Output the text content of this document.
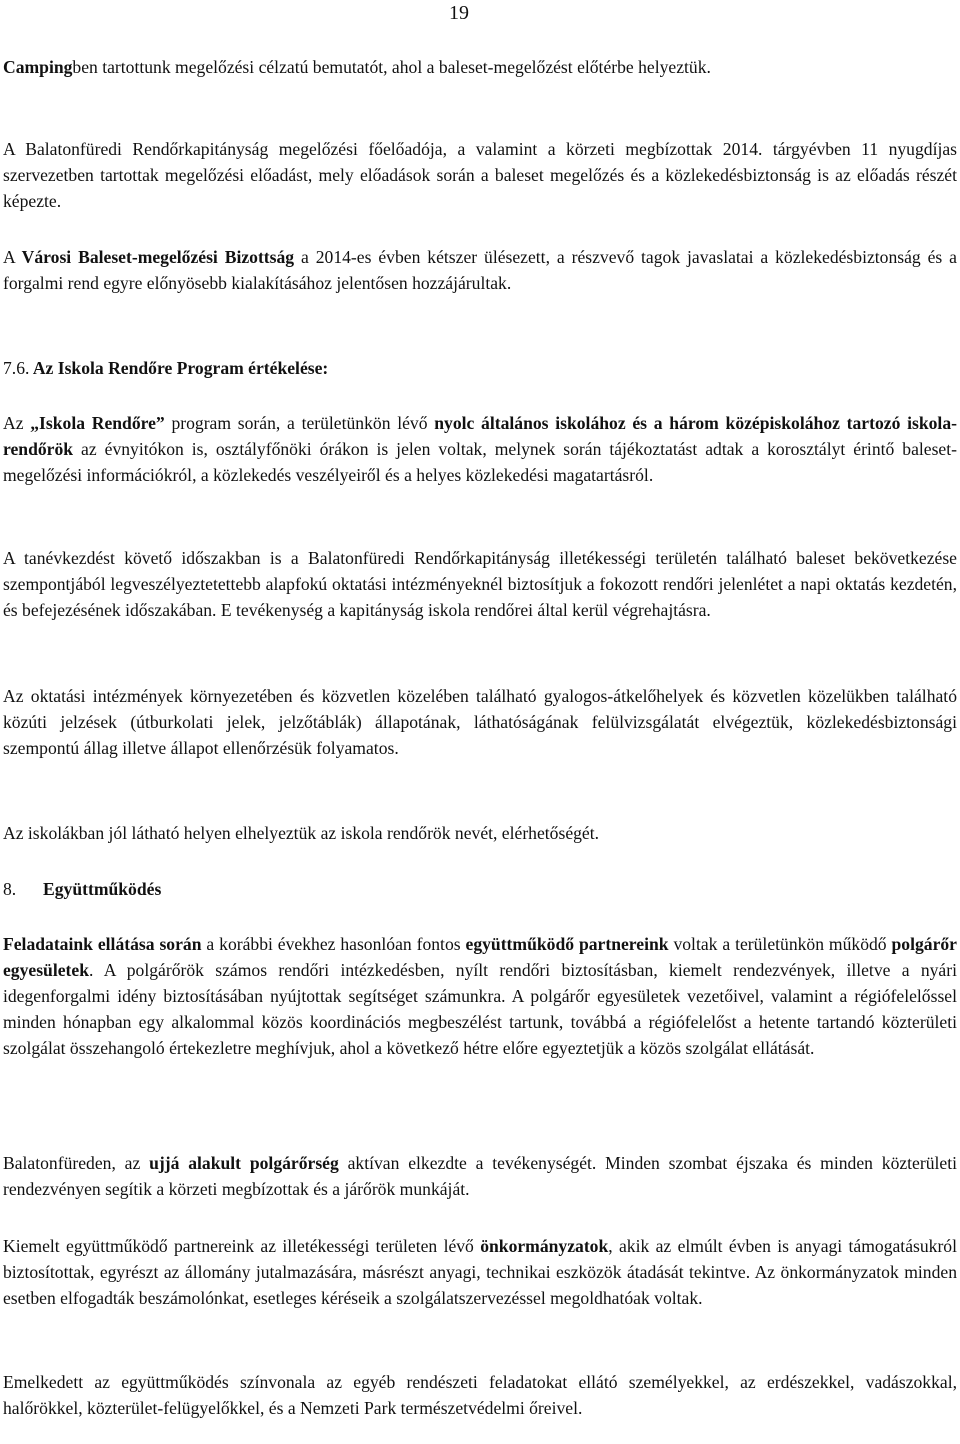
19

Campingben tartottunk megelőzési célzatú bemutatót, ahol a baleset-megelőzést előtérbe helyeztük.

A Balatonfüredi Rendőrkapitányság megelőzési főelőadója, a valamint a körzeti megbízottak 2014. tárgyévben 11 nyugdíjas szervezetben tartottak megelőzési előadást, mely előadások során a baleset megelőzés és a közlekedésbiztonság is az előadás részét képezte.

A Városi Baleset-megelőzési Bizottság a 2014-es évben kétszer ülésezett, a részvevő tagok javaslatai a közlekedésbiztonság és a forgalmi rend egyre előnyösebb kialakításához jelentősen hozzájárultak.

7.6. Az Iskola Rendőre Program értékelése:

Az „Iskola Rendőre” program során, a területünkön lévő nyolc általános iskolához és a három középiskolához tartozó iskola-rendőrök az évnyitókon is, osztályfőnöki órákon is jelen voltak, melynek során tájékoztatást adtak a korosztályt érintő baleset-megelőzési információkról, a közlekedés veszélyeiről és a helyes közlekedési magatartásról.

A tanévkezdést követő időszakban is a Balatonfüredi Rendőrkapitányság illetékességi területén található baleset bekövetkezése szempontjából legveszélyeztetettebb alapfokú oktatási intézményeknél biztosítjuk a fokozott rendőri jelenlétet a napi oktatás kezdetén, és befejezésének időszakában. E tevékenység a kapitányság iskola rendőrei által kerül végrehajtásra.

Az oktatási intézmények környezetében és közvetlen közelében található gyalogos-átkelőhelyek és közvetlen közelükben található közúti jelzések (útburkolati jelek, jelzőtáblák) állapotának, láthatóságának felülvizsgálatát elvégeztük, közlekedésbiztonsági szempontú állag illetve állapot ellenőrzésük folyamatos.

Az iskolákban jól látható helyen elhelyeztük az iskola rendőrök nevét, elérhetőségét.

8. Együttműködés

Feladataink ellátása során a korábbi évekhez hasonlóan fontos együttműködő partnereink voltak a területünkön működő polgárőr egyesületek. A polgárőrök számos rendőri intézkedésben, nyílt rendőri biztosításban, kiemelt rendezvények, illetve a nyári idegenforgalmi idény biztosításában nyújtottak segítséget számunkra. A polgárőr egyesületek vezetőivel, valamint a régiófelelőssel minden hónapban egy alkalommal közös koordinációs megbeszélést tartunk, továbbá a régiófelelőst a hetente tartandó közterületi szolgálat összehangoló értekezletre meghívjuk, ahol a következő hétre előre egyeztetjük a közös szolgálat ellátását.

Balatonfüreden, az ujjá alakult polgárőrség aktívan elkezdte a tevékenységét. Minden szombat éjszaka és minden közterületi rendezvényen segítik a körzeti megbízottak és a járőrök munkáját.

Kiemelt együttműködő partnereink az illetékességi területen lévő önkormányzatok, akik az elmúlt évben is anyagi támogatásukról biztosítottak, egyrészt az állomány jutalmazására, másrészt anyagi, technikai eszközök átadását tekintve. Az önkormányzatok minden esetben elfogadták beszámolónkat, esetleges kéréseik a szolgálatszervezéssel megoldhatóak voltak.

Emelkedett az együttműködés színvonala az egyéb rendészeti feladatokat ellátó személyekkel, az erdészekkel, vadászokkal, halőrökkel, közterület-felügyelőkkel, és a Nemzeti Park természetvédelmi őreivel.
